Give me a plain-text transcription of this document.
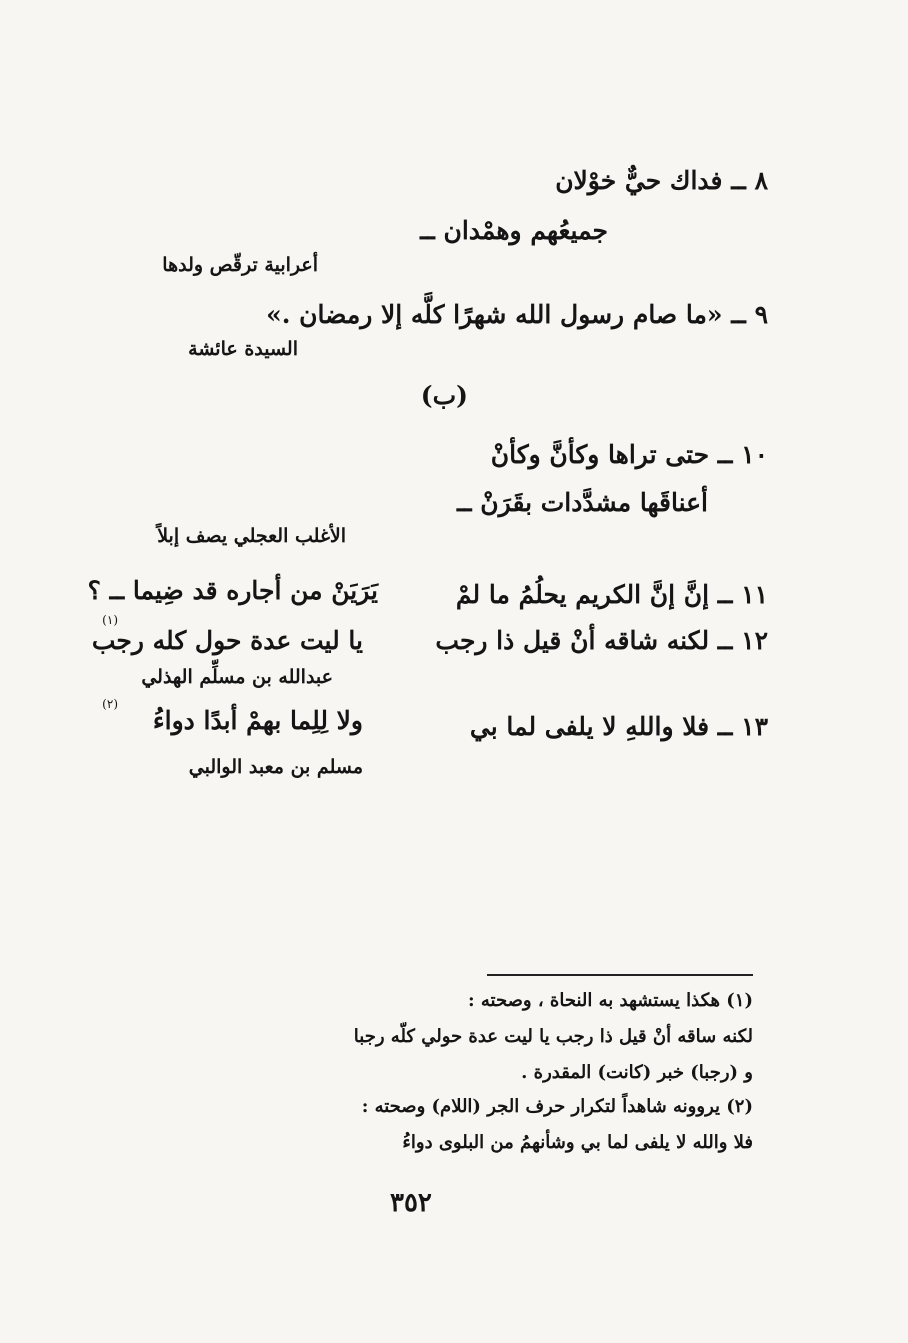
٨ ــ فداك حيٌّ خوْلان
جميعُهم وهمْدان ــ
أعرابية ترقّص ولدها
٩ ــ «ما صام رسول الله شهرًا كلَّه إلا رمضان .»
السيدة عائشة
(ب)
١٠ ــ حتى تراها وكأنَّ وكأنْ
أعناقَها مشدَّدات بقَرَنْ ــ
الأغلب العجلي يصف إبلاً
١١ ــ إنَّ إنَّ الكريم يحلُمُ ما لمْ
يَرَيَنْ من أجاره قد ضِيما ــ ؟
١٢ ــ لكنه شاقه أنْ قيل ذا رجب
يا ليت عدة حول كله رجب
(١)
عبدالله بن مسلِّم الهذلي
١٣ ــ فلا واللهِ لا يلفى لما بي
ولا لِلِما بهمْ أبدًا دواءُ
(٢)
مسلم بن معبد الوالبي
(١) هكذا يستشهد به النحاة ، وصحته :
لكنه ساقه أنْ قيل ذا رجب يا ليت عدة حولي كلّه رجبا
و (رجبا) خبر (كانت) المقدرة .
(٢) يروونه شاهداً لتكرار حرف الجر (اللام) وصحته :
فلا والله لا يلفى لما بي وشأنهمُ من البلوى دواءُ
٣٥٢
